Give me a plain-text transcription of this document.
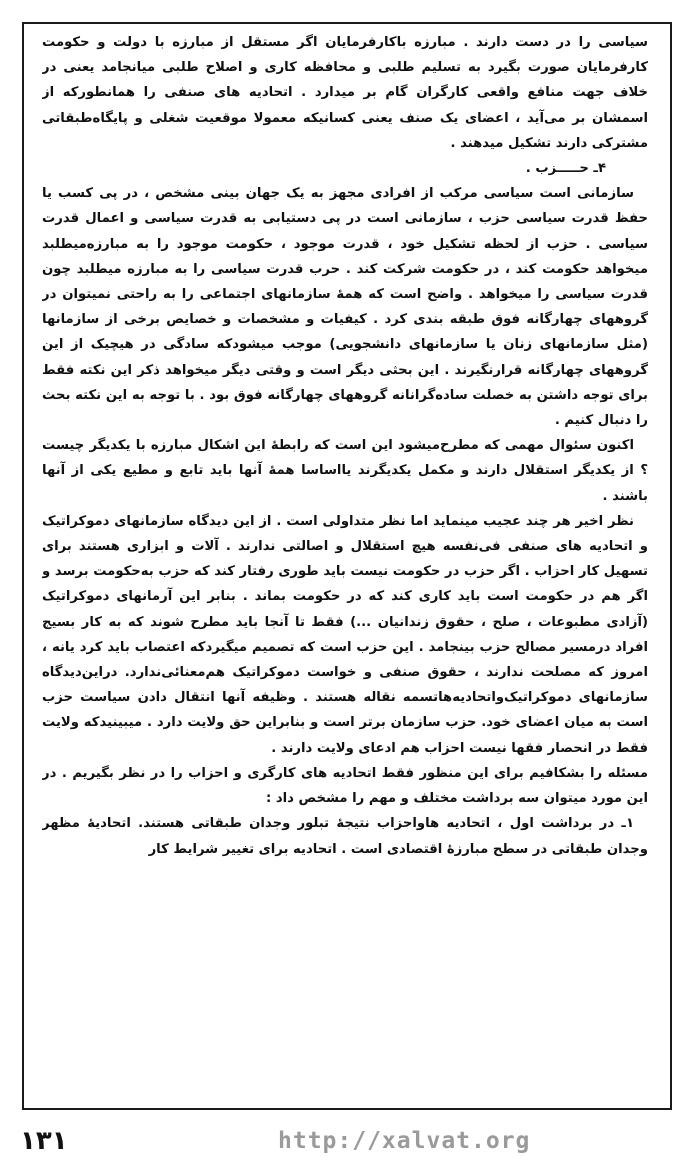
سیاسی را در دست دارند . مبارزه باکارفرمایان اگر مستقل از مبارزه با دولت و حکومت کارفرمایان صورت بگیرد به تسلیم طلبی و محافظه کاری و اصلاح طلبی میانجامد یعنی در خلاف جهت منافع واقعی کارگران گام بر میدارد . اتحادیه های صنفی را همانطورکه از اسمشان بر می‌آید ، اعضای یک صنف یعنی کسانیکه معمولا موقعیت شغلی و پایگاه‌طبقاتی مشترکی دارند تشکیل میدهند .

۴ـ حـــــزب .

سازمانی است سیاسی مرکب از افرادی مجهز به یک جهان بینی مشخص ، در پی کسب یا حفظ قدرت سیاسی حزب ، سازمانی است در پی دستیابی به قدرت سیاسی و اعمال قدرت سیاسی . حزب از لحظه تشکیل خود ، قدرت موجود ، حکومت موجود را به مبارزه‌میطلبد میخواهد حکومت کند ، در حکومت شرکت کند . حرب قدرت سیاسی را به مبارزه میطلبد چون قدرت سیاسی را میخواهد . واضح است که همهٔ سازمانهای اجتماعی را به راحتی نمیتوان در گروههای چهارگانه فوق طبقه بندی کرد . کیفیات و مشخصات و خصایص برخی از سازمانها (مثل سازمانهای زنان یا سازمانهای دانشجویی) موجب میشودکه سادگی در هیچیک از این گروههای چهارگانه قرارنگیرند . این بحثی دیگر است و وقتی دیگر میخواهد ذکر این نکته فقط برای توجه داشتن به خصلت ساده‌گرانانه گروههای چهارگانه فوق بود . با توجه به این نکته بحث را دنبال کنیم .

اکنون سئوال مهمی که مطرح‌میشود این است که رابطهٔ این اشکال مبارزه با یکدیگر چیست ؟ از یکدیگر استقلال دارند و مکمل یکدیگرند یااساسا همهٔ آنها باید تابع و مطیع یکی از آنها باشند .

نظر اخیر هر چند عجیب مینماید اما نظر متداولی است . از این دیدگاه سازمانهای دموکراتیک و اتحادیه های صنفی فی‌نفسه هیچ استقلال و اصالتی ندارند . آلات و ابزاری هستند برای تسهیل کار احزاب . اگر حزب در حکومت نیست باید طوری رفتار کند که حزب به‌حکومت برسد و اگر هم در حکومت است باید کاری کند که در حکومت بماند . بنابر این آرمانهای دموکراتیک (آزادی مطبوعات ، صلح ، حقوق زندانیان ...) فقط تا آنجا باید مطرح شوند که به کار بسیج افراد درمسیر مصالح حزب بینجامد . این حزب است که تصمیم میگیردکه اعتصاب باید کرد یانه ، امروز که مصلحت ندارند ، حقوق صنفی و خواست دموکراتیک هم‌معنائی‌ندارد. دراین‌دیدگاه سازمانهای دموکراتیک‌واتحادیه‌هاتسمه نقاله هستند . وظیفه آنها انتقال دادن سیاست حزب است به میان اعضای خود. حزب سازمان برتر است و بنابراین حق ولایت دارد . میبینیدکه ولایت فقط در انحصار فقها نیست احزاب هم ادعای ولایت دارند .

مسئله را بشکافیم برای این منظور فقط اتحادیه های کارگری و احزاب را در نظر بگیریم . در این مورد میتوان سه برداشت مختلف و مهم را مشخص داد :

۱ـ در برداشت اول ، اتحادیه هاواحزاب نتیجهٔ تبلور وجدان طبقاتی هستند. اتحادیهٔ مظهر وجدان طبقاتی در سطح مبارزهٔ اقتصادی است . اتحادیه برای تغییر شرایط کار

۱۳۱	http://xalvat.org
